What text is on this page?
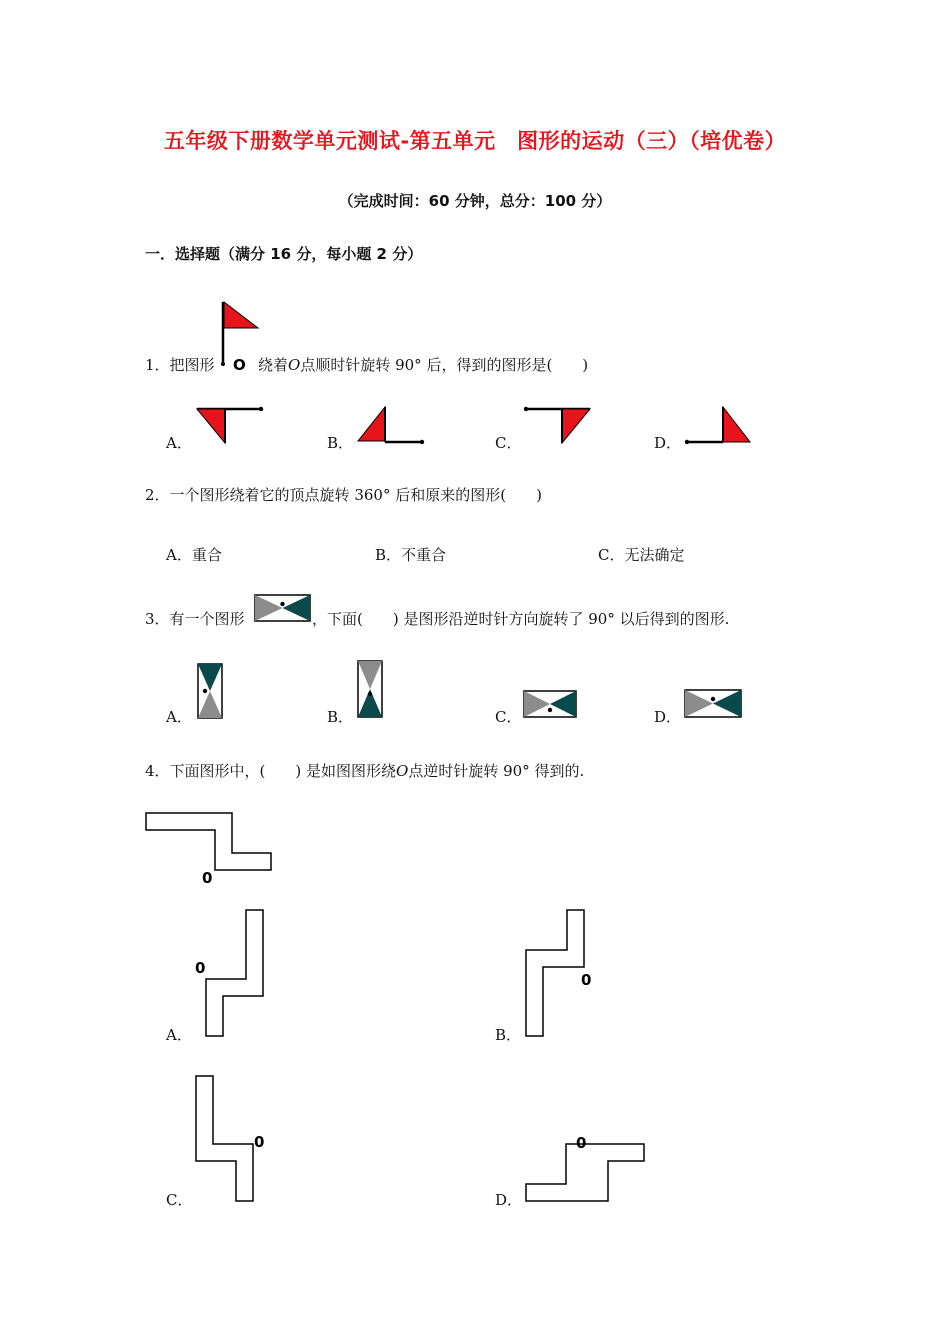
五年级下册数学单元测试-第五单元　图形的运动（三）（培优卷）
（完成时间：60 分钟，总分：100 分）
一．选择题（满分 16 分，每小题 2 分）
1．把图形 O 绕着O点顺时针旋转 90° 后，得到的图形是(　　)
A．	B．	C．	D．
2．一个图形绕着它的顶点旋转 360° 后和原来的图形(　　)
A．重合	B．不重合	C．无法确定
3．有一个图形	，下面(　　) 是图形沿逆时针方向旋转了 90° 以后得到的图形.
A．	B．	C．	D．
4．下面图形中，(　　) 是如图图形绕O点逆时针旋转 90° 得到的.
0
A．
0
B．
0
C．
0
D．
0
